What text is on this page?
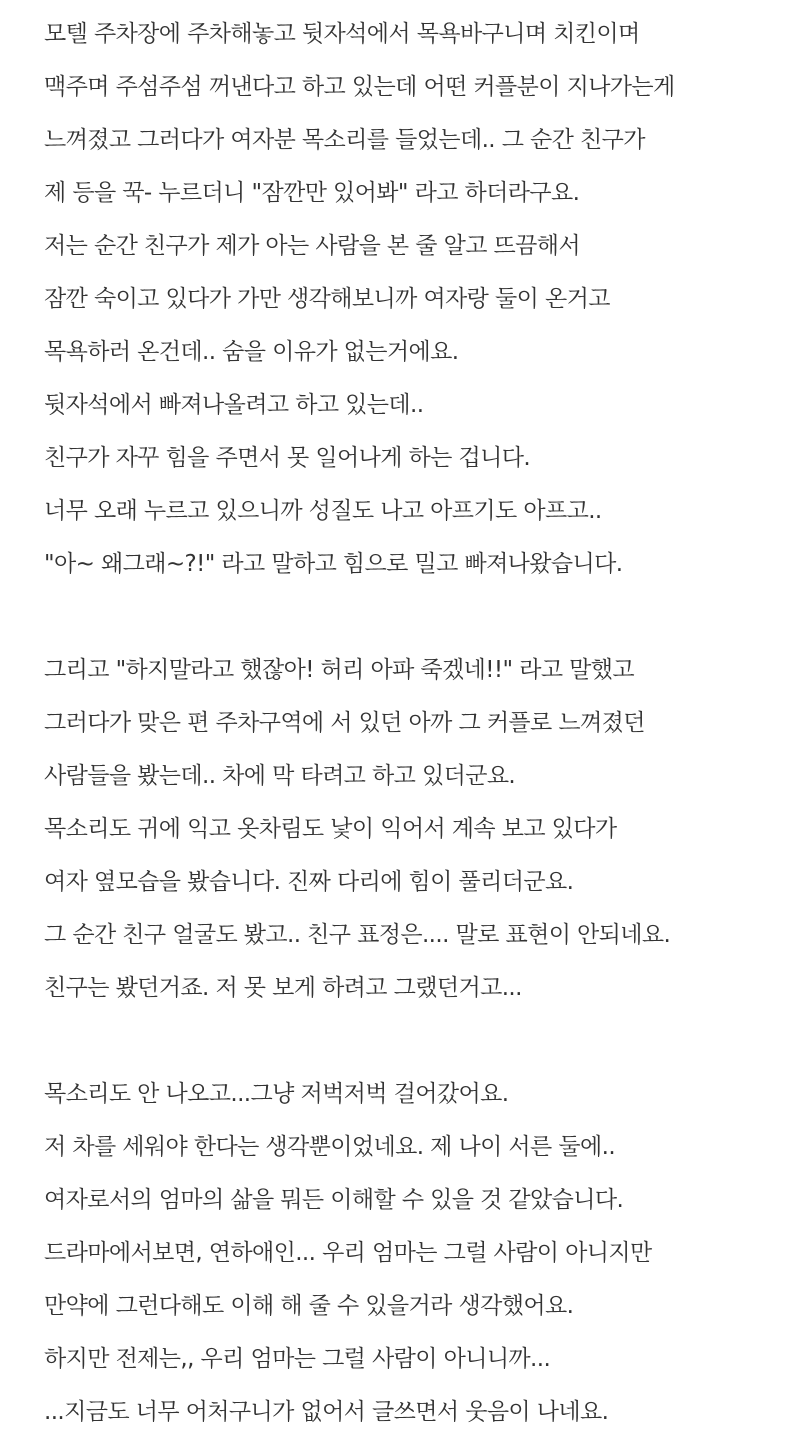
모텔 주차장에 주차해놓고 뒷자석에서 목욕바구니며 치킨이며
맥주며 주섬주섬 꺼낸다고 하고 있는데 어떤 커플분이 지나가는게
느껴졌고 그러다가 여자분 목소리를 들었는데.. 그 순간 친구가
제 등을 꾹- 누르더니 "잠깐만 있어봐" 라고 하더라구요.
저는 순간 친구가 제가 아는 사람을 본 줄 알고 뜨끔해서
잠깐 숙이고 있다가 가만 생각해보니까 여자랑 둘이 온거고
목욕하러 온건데.. 숨을 이유가 없는거에요.
뒷자석에서 빠져나올려고 하고 있는데..
친구가 자꾸 힘을 주면서 못 일어나게 하는 겁니다.
너무 오래 누르고 있으니까 성질도 나고 아프기도 아프고..
"아~ 왜그래~?!" 라고 말하고 힘으로 밀고 빠져나왔습니다.
그리고 "하지말라고 했잖아! 허리 아파 죽겠네!!" 라고 말했고
그러다가 맞은 편 주차구역에 서 있던 아까 그 커플로 느껴졌던
사람들을 봤는데.. 차에 막 타려고 하고 있더군요.
목소리도 귀에 익고 옷차림도 낯이 익어서 계속 보고 있다가
여자 옆모습을 봤습니다. 진짜 다리에 힘이 풀리더군요.
그 순간 친구 얼굴도 봤고.. 친구 표정은.... 말로 표현이 안되네요.
친구는 봤던거죠. 저 못 보게 하려고 그랬던거고...
목소리도 안 나오고...그냥 저벅저벅 걸어갔어요.
저 차를 세워야 한다는 생각뿐이었네요. 제 나이 서른 둘에..
여자로서의 엄마의 삶을 뭐든 이해할 수 있을 것 같았습니다.
드라마에서보면, 연하애인... 우리 엄마는 그럴 사람이 아니지만
만약에 그런다해도 이해 해 줄 수 있을거라 생각했어요.
하지만 전제는,, 우리 엄마는 그럴 사람이 아니니까...
...지금도 너무 어처구니가 없어서 글쓰면서 웃음이 나네요.
